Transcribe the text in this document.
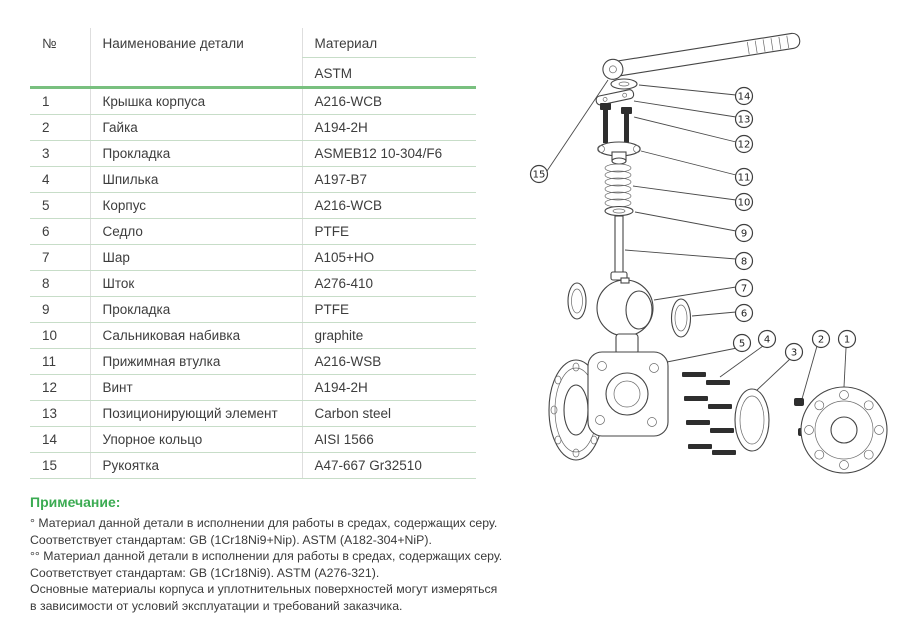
№	Наименование детали	Материал
		ASTM
1	Крышка корпуса	A216-WCB
2	Гайка	A194-2H
3	Прокладка	ASMEB12 10-304/F6
4	Шпилька	A197-B7
5	Корпус	A216-WCB
6	Седло	PTFE
7	Шар	A105+HO
8	Шток	A276-410
9	Прокладка	PTFE
10	Сальниковая набивка	graphite
11	Прижимная втулка	A216-WSB
12	Винт	A194-2H
13	Позиционирующий элемент	Carbon steel
14	Упорное кольцо	AISI 1566
15	Рукоятка	A47-667 Gr32510
Примечание:
° Материал данной детали в исполнении для работы в средах, содержащих серу.
Соответствует стандартам: GB (1Cr18Ni9+Nip). ASTM (A182-304+NiP).
°° Материал данной детали в исполнении для работы в средах, содержащих серу.
Соответствует стандартам: GB (1Cr18Ni9). ASTM (A276-321).
Основные материалы корпуса и уплотнительных поверхностей могут измеряться
в зависимости от условий эксплуатации и требований заказчика.
15
14
13
12
11
10
9
8
7
6
5 4
3
2 1
